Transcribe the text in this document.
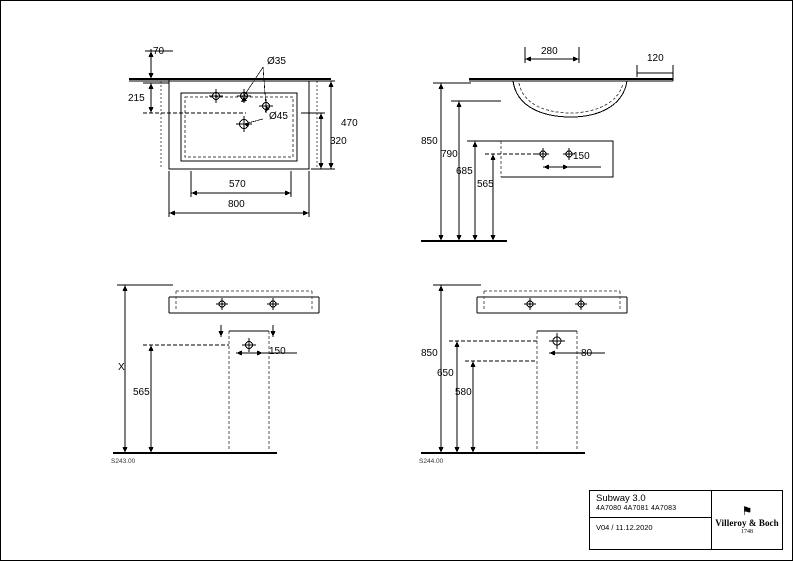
70
215
Ø35
Ø45
470
320
570
800
280
120
850
790
685
565
150
150
X
565
S243.00
850
650
580
80
S244.00
Subway 3.0
4A7080 4A7081 4A7083
V04 / 11.12.2020
⚑
Villeroy & Boch
1748
